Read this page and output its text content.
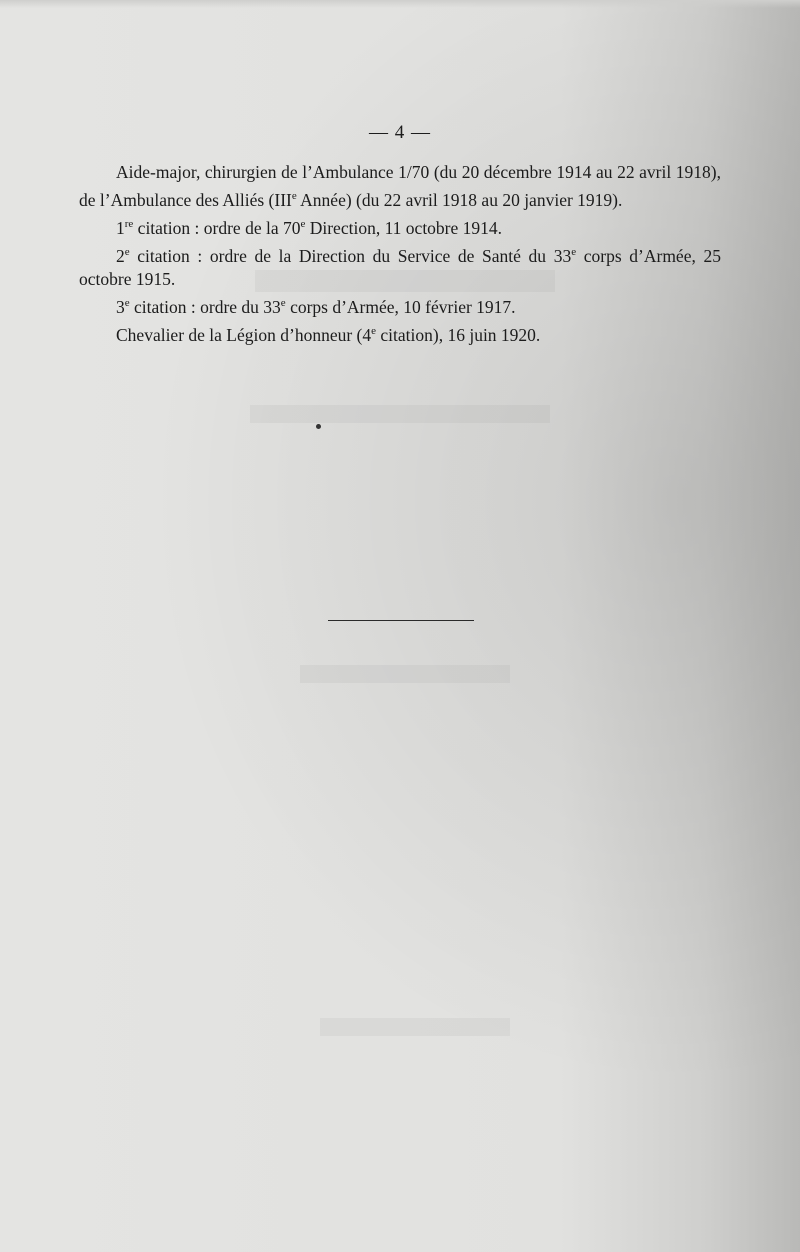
— 4 —

Aide-major, chirurgien de l’Ambulance 1/70 (du 20 décembre 1914 au 22 avril 1918), de l’Ambulance des Alliés (IIIe Année) (du 22 avril 1918 au 20 janvier 1919).

1re citation : ordre de la 70e Direction, 11 octobre 1914.

2e citation : ordre de la Direction du Service de Santé du 33e corps d’Armée, 25 octobre 1915.

3e citation : ordre du 33e corps d’Armée, 10 février 1917.

Chevalier de la Légion d’honneur (4e citation), 16 juin 1920.
